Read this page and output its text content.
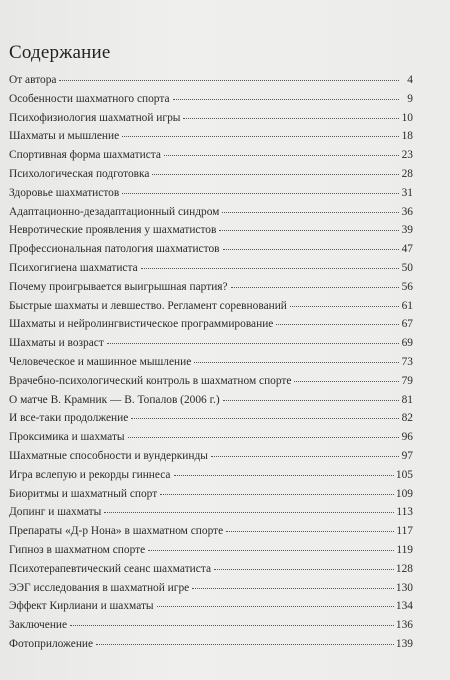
Содержание
От автора	4
Особенности шахматного спорта	9
Психофизиология шахматной игры	10
Шахматы и мышление	18
Спортивная форма шахматиста	23
Психологическая подготовка	28
Здоровье шахматистов	31
Адаптационно-дезадаптационный синдром	36
Невротические проявления у шахматистов	39
Профессиональная патология шахматистов	47
Психогигиена шахматиста	50
Почему проигрывается выигрышная партия?	56
Быстрые шахматы и левшество. Регламент соревнований	61
Шахматы и нейролингвистическое программирование	67
Шахматы и возраст	69
Человеческое и машинное мышление	73
Врачебно-психологический контроль в шахматном спорте	79
О матче В. Крамник — В. Топалов (2006 г.)	81
И все-таки продолжение	82
Проксимика и шахматы	96
Шахматные способности и вундеркинды	97
Игра вслепую и рекорды гиннеса	105
Биоритмы и шахматный спорт	109
Допинг и шахматы	113
Препараты «Д-р Нона» в шахматном спорте	117
Гипноз в шахматном спорте	119
Психотерапевтический сеанс шахматиста	128
ЭЭГ исследования в шахматной игре	130
Эффект Кирлиани и шахматы	134
Заключение	136
Фотоприложение	139
